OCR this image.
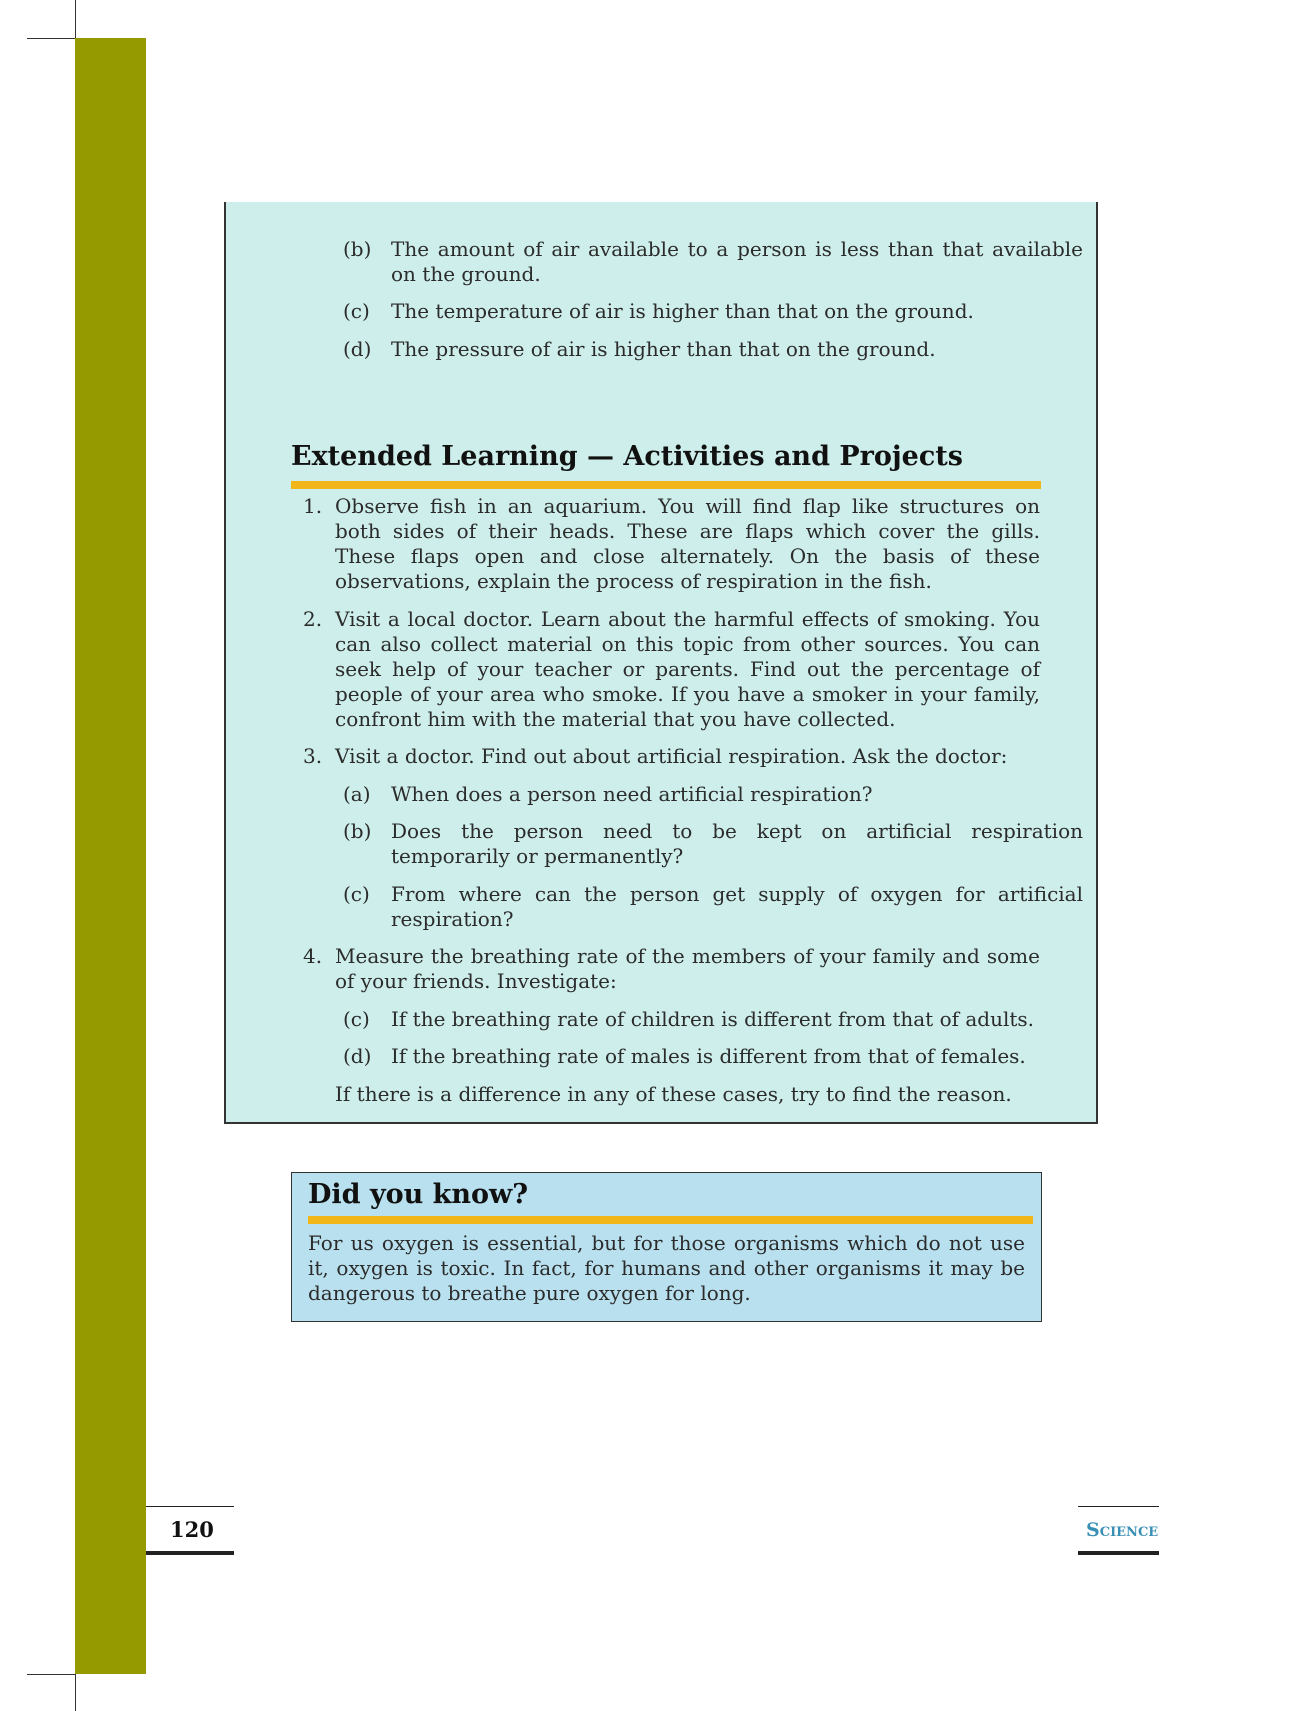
(b) The amount of air available to a person is less than that available on the ground.
(c)	The temperature of air is higher than that on the ground.
(d) The pressure of air is higher than that on the ground.
Extended Learning — Activities and Projects
1. Observe fish in an aquarium. You will find flap like structures on both sides of their heads. These are flaps which cover the gills. These flaps open and close alternately. On the basis of these observations, explain the process of respiration in the fish.
2. Visit a local doctor. Learn about the harmful effects of smoking. You can also collect material on this topic from other sources. You can seek help of your teacher or parents. Find out the percentage of people of your area who smoke. If you have a smoker in your family, confront him with the material that you have collected.
3. Visit a doctor. Find out about artificial respiration. Ask the doctor:
(a)	When does a person need artificial respiration?
(b) Does the person need to be kept on artificial respiration temporarily or permanently?
(c)	From where can the person get supply of oxygen for artificial respiration?
4. Measure the breathing rate of the members of your family and some of your friends. Investigate:
(c)	If the breathing rate of children is different from that of adults.
(d) If the breathing rate of males is different from that of females.
If there is a difference in any of these cases, try to find the reason.
Did you know?
For us oxygen is essential, but for those organisms which do not use it, oxygen is toxic. In fact, for humans and other organisms it may be dangerous to breathe pure oxygen for long.
120	Science
